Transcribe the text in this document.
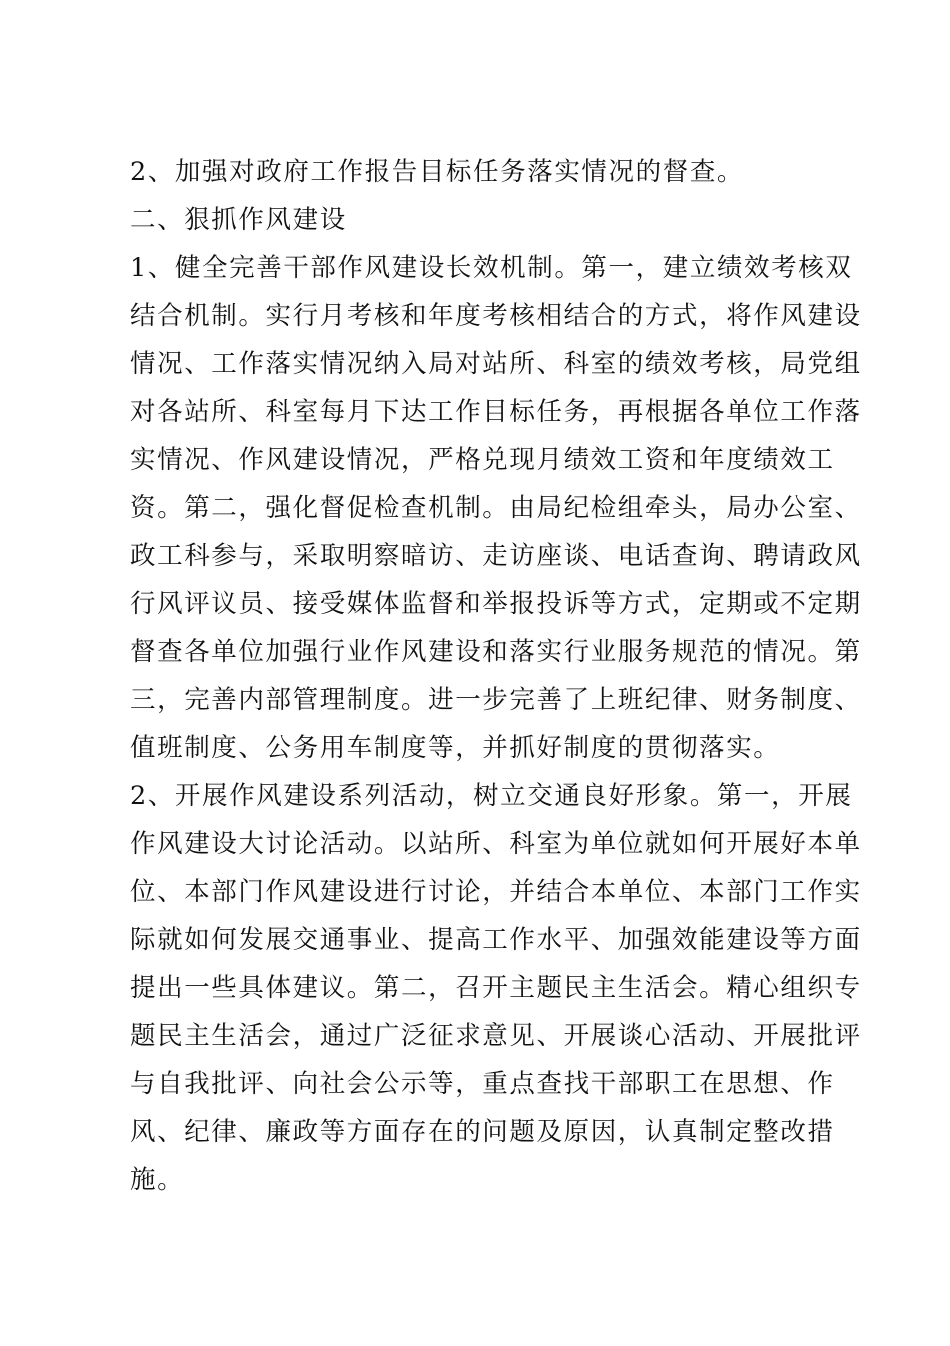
2、加强对政府工作报告目标任务落实情况的督查。

二、狠抓作风建设

1、健全完善干部作风建设长效机制。第一，建立绩效考核双

结合机制。实行月考核和年度考核相结合的方式，将作风建设

情况、工作落实情况纳入局对站所、科室的绩效考核，局党组

对各站所、科室每月下达工作目标任务，再根据各单位工作落

实情况、作风建设情况，严格兑现月绩效工资和年度绩效工

资。第二，强化督促检查机制。由局纪检组牵头，局办公室、

政工科参与，采取明察暗访、走访座谈、电话查询、聘请政风

行风评议员、接受媒体监督和举报投诉等方式，定期或不定期

督查各单位加强行业作风建设和落实行业服务规范的情况。第

三，完善内部管理制度。进一步完善了上班纪律、财务制度、

值班制度、公务用车制度等，并抓好制度的贯彻落实。

2、开展作风建设系列活动，树立交通良好形象。第一，开展

作风建设大讨论活动。以站所、科室为单位就如何开展好本单

位、本部门作风建设进行讨论，并结合本单位、本部门工作实

际就如何发展交通事业、提高工作水平、加强效能建设等方面

提出一些具体建议。第二，召开主题民主生活会。精心组织专

题民主生活会，通过广泛征求意见、开展谈心活动、开展批评

与自我批评、向社会公示等，重点查找干部职工在思想、作

风、纪律、廉政等方面存在的问题及原因，认真制定整改措

施。
